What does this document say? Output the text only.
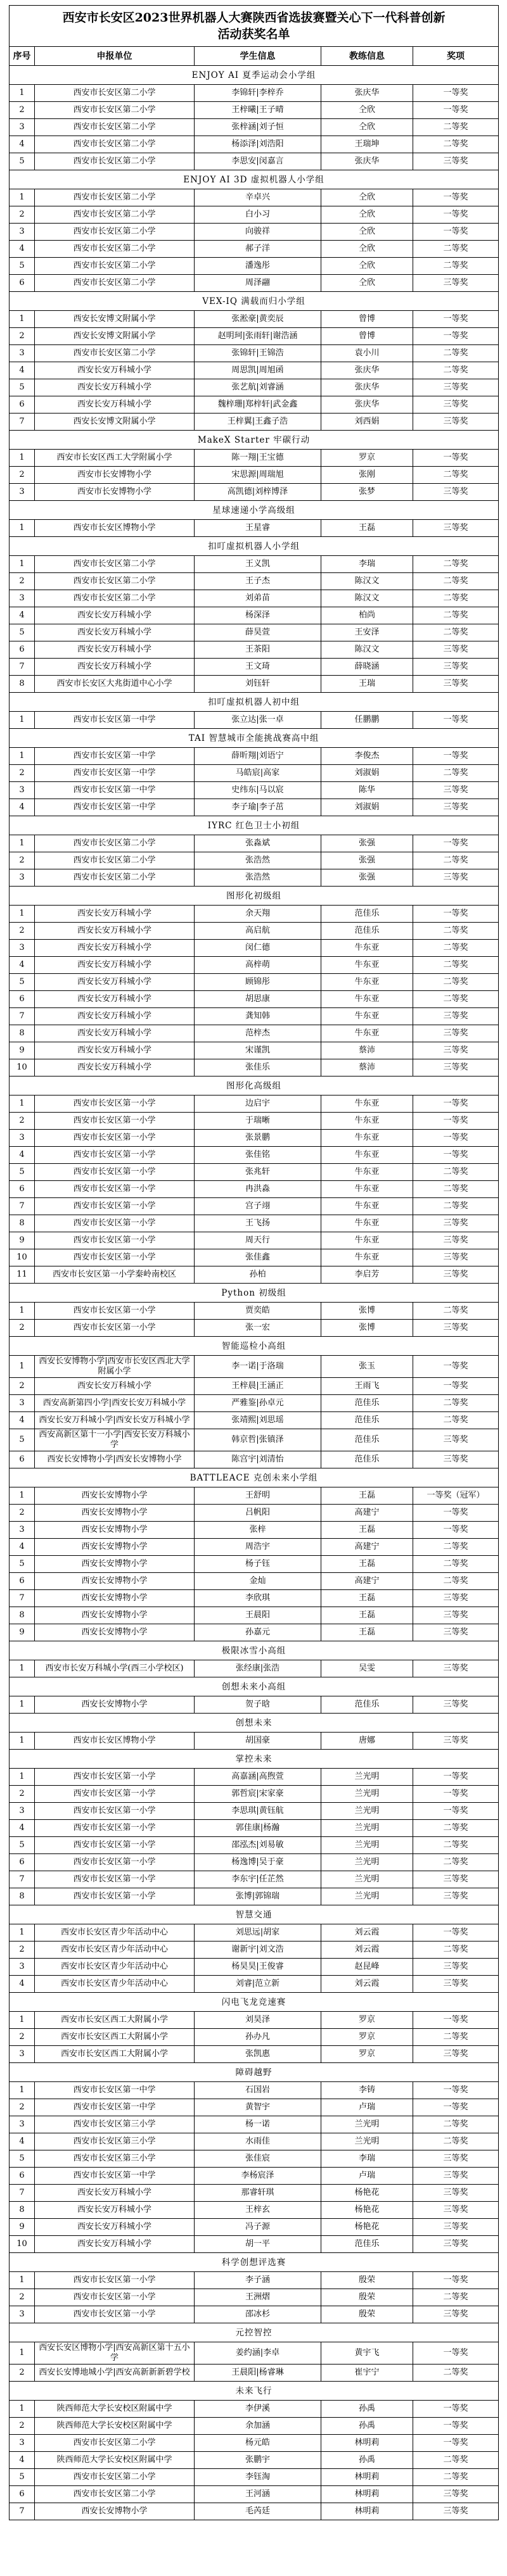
西安市长安区2023世界机器人大赛陕西省选拔赛暨关心下一代科普创新
活动获奖名单				

序号	申报单位	学生信息	教练信息	奖项
ENJOY AI 夏季运动会小学组				
1	西安市长安区第二小学	李锦轩|李梓乔	张庆华	一等奖
2	西安市长安区第二小学	王梓曦|王子晴	仝欣	一等奖
3	西安市长安区第二小学	张梓涵|刘子恒	仝欣	二等奖
4	西安市长安区第二小学	杨添泽|刘浩阳	王瑞坤	二等奖
5	西安市长安区第二小学	李思安|闵嘉言	张庆华	三等奖
ENJOY AI 3D 虚拟机器人小学组				
1	西安市长安区第二小学	辛卓兴	仝欣	一等奖
2	西安市长安区第二小学	白小习	仝欣	一等奖
3	西安市长安区第二小学	向骏祥	仝欣	一等奖
4	西安市长安区第二小学	郝子洋	仝欣	二等奖
5	西安市长安区第二小学	潘逸彤	仝欣	二等奖
6	西安市长安区第二小学	周泽翮	仝欣	三等奖
VEX-IQ 满载而归小学组				
1	西安长安博文附属小学	张淞豪|黄奕辰	曾博	一等奖
2	西安长安博文附属小学	赵明珂|张雨轩|谢浩涵	曾博	一等奖
3	西安市长安区第二小学	张锦轩|王锦浩	袁小川	二等奖
4	西安长安万科城小学	周思凯|周旭函	张庆华	二等奖
5	西安长安万科城小学	张艺航|刘睿涵	张庆华	三等奖
6	西安长安万科城小学	魏梓珊|郑梓轩|武金鑫	张庆华	三等奖
7	西安长安博文附属小学	王梓翼|王鑫子浩	刘西娟	三等奖
MakeX Starter 牢碳行动				
1	西安市长安区西工大学附属小学	陈一翔|王宝德	罗京	一等奖
2	西安市长安博物小学	宋思源|周瑞旭	张刚	二等奖
3	西安市长安博物小学	高凯德|刘梓博泽	张梦	三等奖
星球速递小学高级组				
1	西安市长安区博物小学	王星睿	王磊	三等奖
扣叮虚拟机器人小学组				
1	西安市长安区第二小学	王义凯	李瑞	二等奖
2	西安市长安区第二小学	王子杰	陈汉文	二等奖
3	西安市长安区第二小学	刘弟苗	陈汉文	二等奖
4	西安长安万科城小学	杨深泽	柏尚	二等奖
5	西安长安万科城小学	薛昊萱	王安泽	二等奖
6	西安长安万科城小学	王茶阳	陈汉文	三等奖
7	西安长安万科城小学	王文琦	薛晓涵	三等奖
8	西安市长安区大兆街道中心小学	刘钰轩	王瑞	三等奖
扣叮虚拟机器人初中组				
1	西安市长安区第一中学	张立达|张一卓	任鹏鹏	一等奖
TAI 智慧城市全能挑战赛高中组				
1	西安市长安区第一中学	薛昕翔|刘语宁	李俊杰	一等奖
2	西安市长安区第一中学	马皓宸|高家	刘淑娟	二等奖
3	西安市长安区第一中学	史纬东|马以宸	陈华	三等奖
4	西安市长安区第一中学	李子瑜|李子茁	刘淑娟	三等奖
IYRC 红色卫士小初组				
1	西安市长安区第二小学	张淼斌	张强	一等奖
2	西安市长安区第二小学	张浩然	张强	二等奖
3	西安市长安区第二小学	张浩然	张强	三等奖
图形化初级组				
1	西安长安万科城小学	余天翔	范佳乐	一等奖
2	西安长安万科城小学	高启航	范佳乐	二等奖
3	西安长安万科城小学	闵仁德	牛东亚	二等奖
4	西安长安万科城小学	高梓萌	牛东亚	二等奖
5	西安长安万科城小学	顾锦彤	牛东亚	二等奖
6	西安长安万科城小学	胡思康	牛东亚	二等奖
7	西安长安万科城小学	龚知韩	牛东亚	三等奖
8	西安长安万科城小学	范梓杰	牛东亚	三等奖
9	西安长安万科城小学	宋谨凯	蔡沛	三等奖
10	西安长安万科城小学	张佳乐	蔡沛	三等奖
图形化高级组				
1	西安市长安区第一小学	边启宇	牛东亚	一等奖
2	西安市长安区第一小学	于瑞晰	牛东亚	一等奖
3	西安市长安区第一小学	张景鹏	牛东亚	一等奖
4	西安市长安区第一小学	张佳铭	牛东亚	一等奖
5	西安市长安区第一小学	张兆轩	牛东亚	二等奖
6	西安市长安区第一小学	冉洪淼	牛东亚	二等奖
7	西安市长安区第一小学	宫子翊	牛东亚	二等奖
8	西安市长安区第一小学	王飞扬	牛东亚	三等奖
9	西安市长安区第一小学	周天行	牛东亚	三等奖
10	西安市长安区第一小学	张佳鑫	牛东亚	三等奖
11	西安市长安区第一小学秦岭南校区	孙柏	李启芳	三等奖
Python 初级组				
1	西安市长安区第一小学	贾奕皓	张博	二等奖
2	西安市长安区第一小学	张一宏	张博	三等奖
智能巡检小高组				
1	西安长安博物小学|西安市长安区西北大学附属小学	李一诺|于洛瑞	张玉	一等奖
2	西安长安万科城小学	王梓晨|王涵正	王雨飞	一等奖
3	西安高新第四小学|西安长安万科城小学	严雅鉴|孙卓元	范佳乐	二等奖
4	西安长安万科城小学|西安长安万科城小学	张靖熙|刘思瑶	范佳乐	二等奖
5	西安高新区第十一小学|西安长安万科城小学	韩京哲|张镇泽	范佳乐	三等奖
6	西安长安博物小学|西安长安博物小学	陈宫宇|刘清怡	范佳乐	三等奖
BATTLEACE 克创未来小学组				
1	西安长安博物小学	王舒明	王磊	一等奖（冠军）
2	西安长安博物小学	吕帆阳	高建宁	一等奖
3	西安长安博物小学	张梓	王磊	一等奖
4	西安长安博物小学	周浩宇	高建宁	二等奖
5	西安长安博物小学	杨子钰	王磊	二等奖
6	西安长安博物小学	金灿	高建宁	二等奖
7	西安长安博物小学	李欣琪	王磊	三等奖
8	西安长安博物小学	王晨阳	王磊	三等奖
9	西安长安博物小学	孙嘉元	王磊	三等奖
极限冰雪小高组				
1	西安市长安万科城小学(西三小学校区)	张经康|张浩	吴雯	三等奖
创想未来小高组				
1	西安长安博物小学	贺子晗	范佳乐	三等奖
创想未来				
1	西安市长安区博物小学	胡国豪	唐娜	三等奖
掌控未来				
1	西安市长安区第一小学	高嘉涵|高煦萱	兰光明	一等奖
2	西安市长安区第一小学	郭哲宸|宋家豪	兰光明	一等奖
3	西安市长安区第一小学	李思琪|黄钰航	兰光明	一等奖
4	西安市长安区第一小学	郭佳康|杨瀚	兰光明	二等奖
5	西安市长安区第一小学	邵泓杰|刘易敏	兰光明	二等奖
6	西安市长安区第一小学	杨逸博|吴于豪	兰光明	二等奖
7	西安市长安区第一小学	李东宇|任芷然	兰光明	三等奖
8	西安市长安区第一小学	张博|郭锦瑞	兰光明	三等奖
智慧交通				
1	西安市长安区青少年活动中心	刘思远|胡家	刘云霞	一等奖
2	西安市长安区青少年活动中心	谢新宇|刘文浩	刘云霞	二等奖
3	西安市长安区青少年活动中心	杨昊昊|王俊睿	赵昆峰	三等奖
4	西安市长安区青少年活动中心	刘睿|范立新	刘云霞	三等奖
闪电飞龙竞速赛				
1	西安市长安区西工大附属小学	刘昊泽	罗京	一等奖
2	西安市长安区西工大附属小学	孙办凡	罗京	二等奖
3	西安市长安区西工大附属小学	张凯惠	罗京	三等奖
障碍越野				
1	西安市长安区第一中学	石国岩	李铸	一等奖
2	西安市长安区第一中学	黄智宇	卢瑞	一等奖
3	西安市长安区第三小学	杨一诺	兰光明	二等奖
4	西安市长安区第三小学	水雨佳	兰光明	二等奖
5	西安市长安区第三小学	张佳宸	李瑞	三等奖
6	西安市长安区第一中学	李杨宸泽	卢瑞	三等奖
7	西安长安万科城小学	那睿轩琪	杨艳花	三等奖
8	西安长安万科城小学	王梓玄	杨艳花	三等奖
9	西安长安万科城小学	冯子源	杨艳花	三等奖
10	西安长安万科城小学	胡一平	范佳乐	三等奖
科学创想评选赛				
1	西安市长安区第一小学	李子涵	殷荣	一等奖
2	西安市长安区第一小学	王洲熠	殷荣	二等奖
3	西安市长安区第一小学	邵冰杉	殷荣	三等奖
元控智控				
1	西安长安区博物小学|西安高新区第十五小学	姜约涵|李卓	黄宇飞	一等奖
2	西安长安博地城小学|西安高新新新碧学校	王晨阳|杨睿琳	崔宇宁	二等奖
未来飞行				
1	陕西师范大学长安校区附属中学	李伊溪	孙禹	一等奖
2	陕西师范大学长安校区附属中学	余加涵	孙禹	一等奖
3	西安市长安区第二小学	杨元皓	林明莉	一等奖
4	陕西师范大学长安校区附属中学	张鹏宇	孙禹	二等奖
5	西安市长安区第二小学	李钰淘	林明莉	二等奖
6	西安市长安区第二小学	王河涵	林明莉	三等奖
7	西安长安博物小学	毛芮廷	林明莉	三等奖
